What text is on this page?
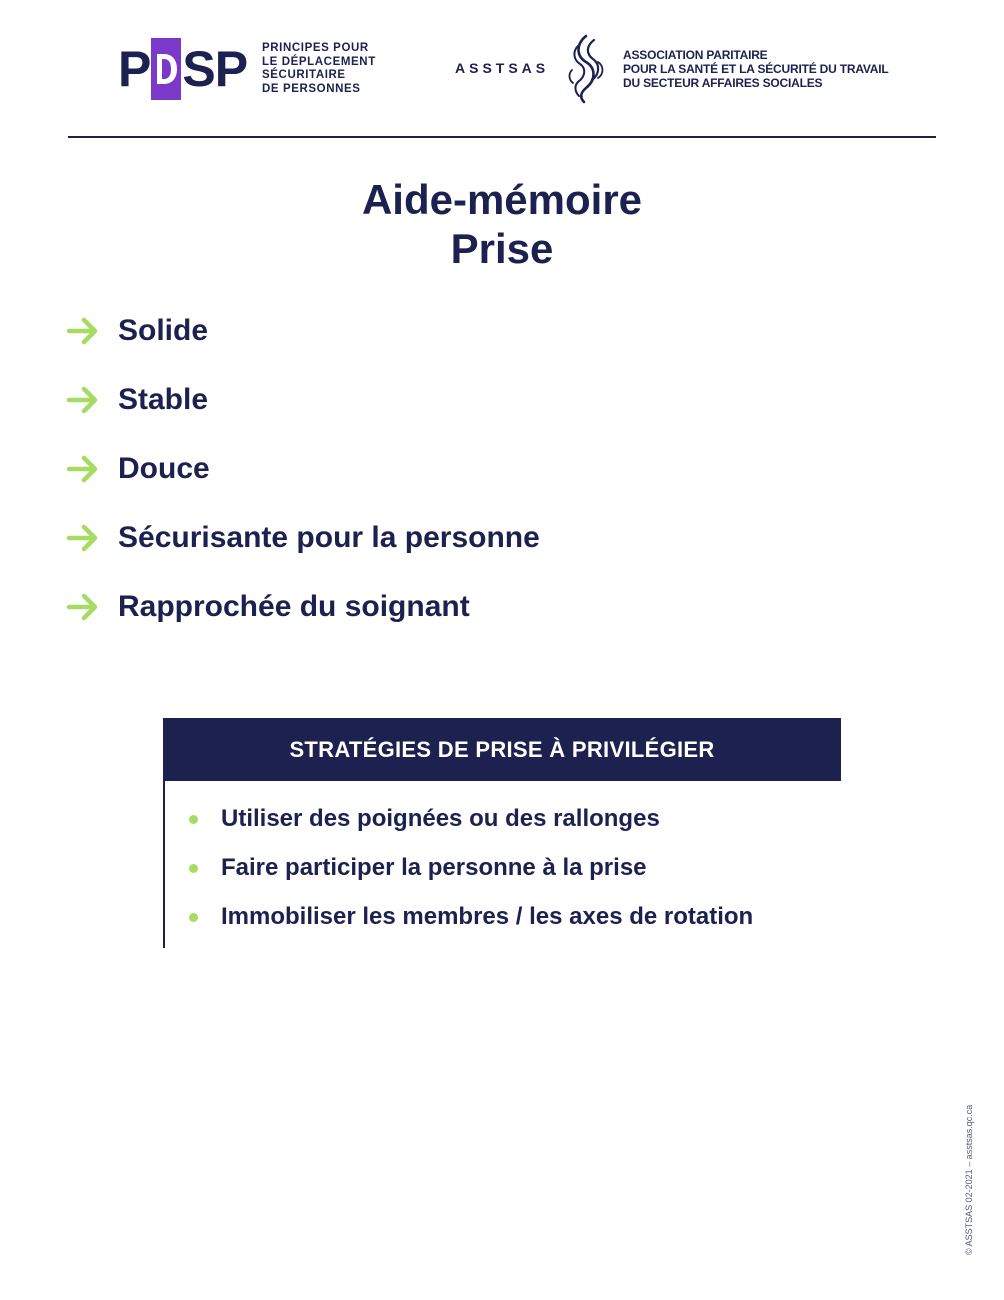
P S P PRINCIPES POUR
LE DÉPLACEMENT
SÉCURITAIRE
DE PERSONNES
ASSTSAS
ASSOCIATION PARITAIRE
POUR LA SANTÉ ET LA SÉCURITÉ DU TRAVAIL
DU SECTEUR AFFAIRES SOCIALES
Aide-mémoire
Prise
Solide
Stable
Douce
Sécurisante pour la personne
Rapprochée du soignant
STRATÉGIES DE PRISE À PRIVILÉGIER
Utiliser des poignées ou des rallonges
Faire participer la personne à la prise
Immobiliser les membres / les axes de rotation
© ASSTSAS 02-2021 – asstsas.qc.ca
